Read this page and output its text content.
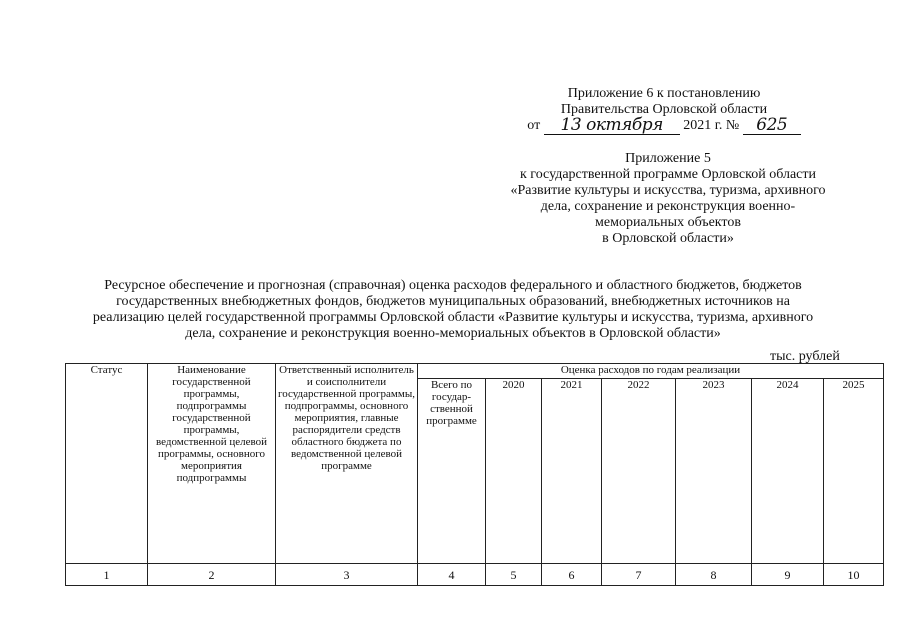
Приложение 6 к постановлению
Правительства Орловской области
от 13 октября 2021 г. № 625
Приложение 5
к государственной программе Орловской области
«Развитие культуры и искусства, туризма, архивного
дела, сохранение и реконструкция военно-
мемориальных объектов
в Орловской области»
Ресурсное обеспечение и прогнозная (справочная) оценка расходов федерального и областного бюджетов, бюджетов
государственных внебюджетных фондов, бюджетов муниципальных образований, внебюджетных источников на
реализацию целей государственной программы Орловской области «Развитие культуры и искусства, туризма, архивного
дела, сохранение и реконструкция военно-мемориальных объектов в Орловской области»
тыс. рублей
Статус	Наименование государственной программы, подпрограммы государственной программы, ведомственной целевой программы, основного мероприятия подпрограммы	Ответственный исполнитель и соисполнители государственной программы, подпрограммы, основного мероприятия, главные распорядители средств областного бюджета по ведомственной целевой программе	Оценка расходов по годам реализации						
			Всего по государ-ственной программе	2020	2021	2022	2023	2024	2025
1	2	3	4	5	6	7	8	9	10
